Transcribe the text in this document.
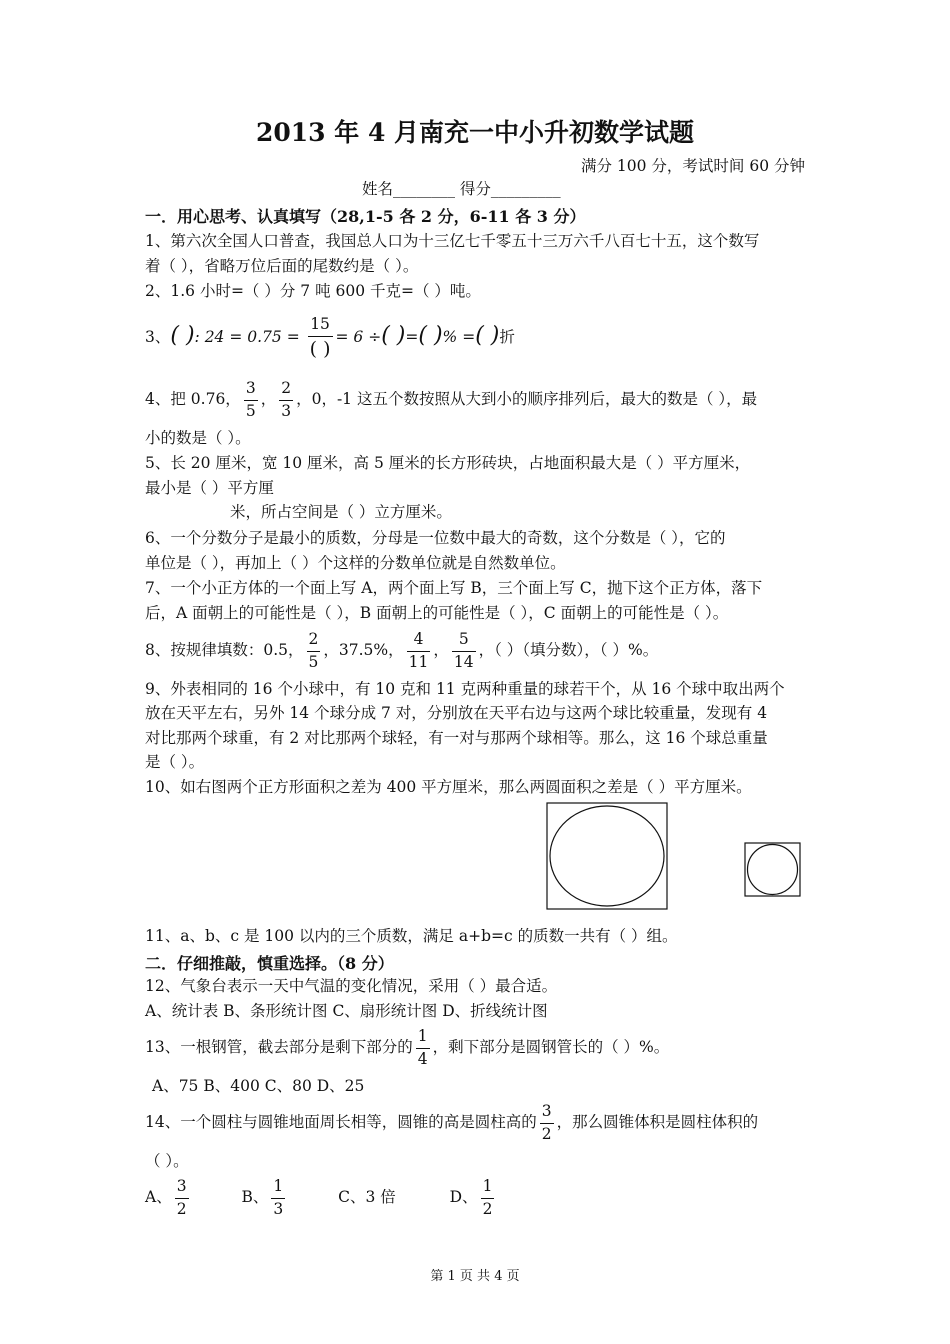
2013 年 4 月南充一中小升初数学试题
满分 100 分，考试时间 60 分钟
姓名________ 得分_________
一．用心思考、认真填写（28,1-5 各 2 分，6-11 各 3 分）
1、第六次全国人口普查，我国总人口为十三亿七千零五十三万六千八百七十五，这个数写
着（ ），省略万位后面的尾数约是（ ）。
2、1.6 小时=（ ）分 7 吨 600 千克=（ ）吨。
3、( ): $24 = 0.75 = \frac{15}{( )} = 6$ ÷( )=( )% =( )折
4、把 0.76， $\frac{3}{5}$ ， $\frac{2}{3}$ ，0，-1 这五个数按照从大到小的顺序排列后，最大的数是（ ），最
小的数是（ ）。
5、长 20 厘米，宽 10 厘米，高 5 厘米的长方形砖块，占地面积最大是（ ）平方厘米，
最小是（ ）平方厘
米，所占空间是（ ）立方厘米。
6、一个分数分子是最小的质数，分母是一位数中最大的奇数，这个分数是（ ），它的
单位是（ ），再加上（ ）个这样的分数单位就是自然数单位。
7、一个小正方体的一个面上写 A，两个面上写 B，三个面上写 C，抛下这个正方体，落下
后，A 面朝上的可能性是（ ），B 面朝上的可能性是（ ），C 面朝上的可能性是（ ）。
8、按规律填数：0.5， $\frac{2}{5}$ ，37.5%， $\frac{4}{11}$ ， $\frac{5}{14}$ ，（ ）（填分数），（ ）%。
9、外表相同的 16 个小球中，有 10 克和 11 克两种重量的球若干个，从 16 个球中取出两个
放在天平左右，另外 14 个球分成 7 对，分别放在天平右边与这两个球比较重量，发现有 4
对比那两个球重，有 2 对比那两个球轻，有一对与那两个球相等。那么，这 16 个球总重量
是（ ）。
10、如右图两个正方形面积之差为 400 平方厘米，那么两圆面积之差是（ ）平方厘米。
11、a、b、c 是 100 以内的三个质数，满足 a+b=c 的质数一共有（ ）组。
二．仔细推敲，慎重选择。（8 分）
12、气象台表示一天中气温的变化情况，采用（ ）最合适。
A、统计表 B、条形统计图 C、扇形统计图 D、折线统计图
13、一根钢管，截去部分是剩下部分的 $\frac{1}{4}$ ，剩下部分是圆钢管长的（ ）%。
A、75 B、400 C、80 D、25
14、一个圆柱与圆锥地面周长相等，圆锥的高是圆柱高的 $\frac{3}{2}$ ，那么圆锥体积是圆柱体积的
（ ）。
A、 $\frac{3}{2}$	B、 $\frac{1}{3}$	C、3 倍	D、 $\frac{1}{2}$
第 1 页 共 4 页
